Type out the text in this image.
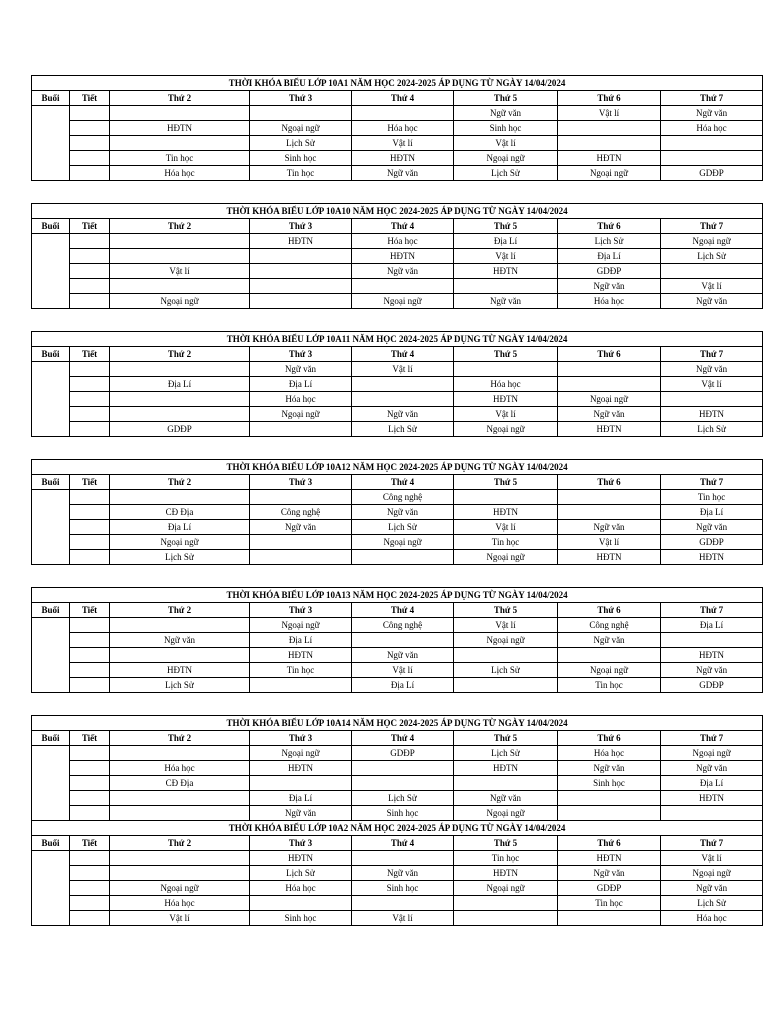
THỜI KHÓA BIỂU LỚP 10A1 NĂM HỌC 2024-2025 ÁP DỤNG TỪ NGÀY 14/04/2024							
Buổi	Tiết	Thứ 2	Thứ 3	Thứ 4	Thứ 5	Thứ 6	Thứ 7
					Ngữ văn	Vật lí	Ngữ văn
		HĐTN	Ngoại ngữ	Hóa học	Sinh học		Hóa học
			Lịch Sử	Vật lí	Vật lí		
		Tin học	Sinh học	HĐTN	Ngoại ngữ	HĐTN	
		Hóa học	Tin học	Ngữ văn	Lịch Sử	Ngoại ngữ	GDĐP
THỜI KHÓA BIỂU LỚP 10A10 NĂM HỌC 2024-2025 ÁP DỤNG TỪ NGÀY 14/04/2024							
Buổi	Tiết	Thứ 2	Thứ 3	Thứ 4	Thứ 5	Thứ 6	Thứ 7
			HĐTN	Hóa học	Địa Lí	Lịch Sử	Ngoại ngữ
				HĐTN	Vật lí	Địa Lí	Lịch Sử
		Vật lí		Ngữ văn	HĐTN	GDĐP	
						Ngữ văn	Vật lí
		Ngoại ngữ		Ngoại ngữ	Ngữ văn	Hóa học	Ngữ văn
THỜI KHÓA BIỂU LỚP 10A11 NĂM HỌC 2024-2025 ÁP DỤNG TỪ NGÀY 14/04/2024							
Buổi	Tiết	Thứ 2	Thứ 3	Thứ 4	Thứ 5	Thứ 6	Thứ 7
			Ngữ văn	Vật lí			Ngữ văn
		Địa Lí	Địa Lí		Hóa học		Vật lí
			Hóa học		HĐTN	Ngoại ngữ	
			Ngoại ngữ	Ngữ văn	Vật lí	Ngữ văn	HĐTN
		GDĐP		Lịch Sử	Ngoại ngữ	HĐTN	Lịch Sử
THỜI KHÓA BIỂU LỚP 10A12 NĂM HỌC 2024-2025 ÁP DỤNG TỪ NGÀY 14/04/2024							
Buổi	Tiết	Thứ 2	Thứ 3	Thứ 4	Thứ 5	Thứ 6	Thứ 7
				Công nghệ			Tin học
		CĐ Địa	Công nghệ	Ngữ văn	HĐTN		Địa Lí
		Địa Lí	Ngữ văn	Lịch Sử	Vật lí	Ngữ văn	Ngữ văn
		Ngoại ngữ		Ngoại ngữ	Tin học	Vật lí	GDĐP
		Lịch Sử			Ngoại ngữ	HĐTN	HĐTN
THỜI KHÓA BIỂU LỚP 10A13 NĂM HỌC 2024-2025 ÁP DỤNG TỪ NGÀY 14/04/2024							
Buổi	Tiết	Thứ 2	Thứ 3	Thứ 4	Thứ 5	Thứ 6	Thứ 7
			Ngoại ngữ	Công nghệ	Vật lí	Công nghệ	Địa Lí
		Ngữ văn	Địa Lí		Ngoại ngữ	Ngữ văn	
			HĐTN	Ngữ văn			HĐTN
		HĐTN	Tin học	Vật lí	Lịch Sử	Ngoại ngữ	Ngữ văn
		Lịch Sử		Địa Lí		Tin học	GDĐP
THỜI KHÓA BIỂU LỚP 10A14 NĂM HỌC 2024-2025 ÁP DỤNG TỪ NGÀY 14/04/2024							
Buổi	Tiết	Thứ 2	Thứ 3	Thứ 4	Thứ 5	Thứ 6	Thứ 7
			Ngoại ngữ	GDĐP	Lịch Sử	Hóa học	Ngoại ngữ
		Hóa học	HĐTN		HĐTN	Ngữ văn	Ngữ văn
		CĐ Địa				Sinh học	Địa Lí
			Địa Lí	Lịch Sử	Ngữ văn		HĐTN
			Ngữ văn	Sinh học	Ngoại ngữ		
THỜI KHÓA BIỂU LỚP 10A2 NĂM HỌC 2024-2025 ÁP DỤNG TỪ NGÀY 14/04/2024							
Buổi	Tiết	Thứ 2	Thứ 3	Thứ 4	Thứ 5	Thứ 6	Thứ 7
			HĐTN		Tin học	HĐTN	Vật lí
			Lịch Sử	Ngữ văn	HĐTN	Ngữ văn	Ngoại ngữ
		Ngoại ngữ	Hóa học	Sinh học	Ngoại ngữ	GDĐP	Ngữ văn
		Hóa học				Tin học	Lịch Sử
		Vật lí	Sinh học	Vật lí			Hóa học
